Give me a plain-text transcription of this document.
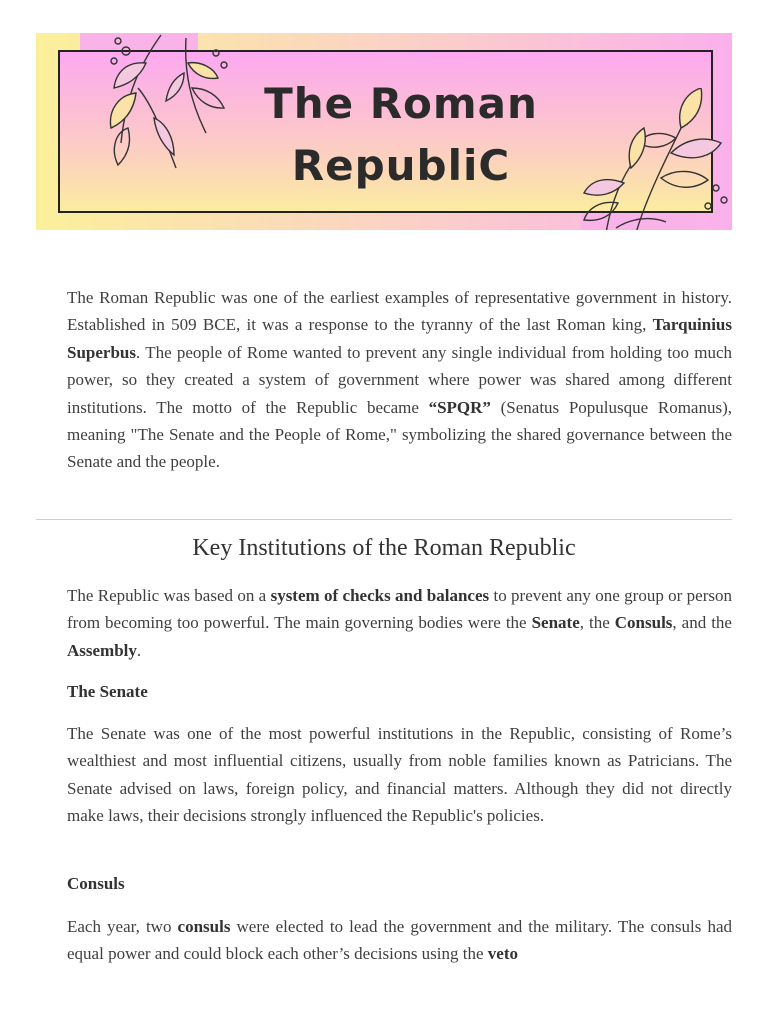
The Roman
RepubliC

The Roman Republic was one of the earliest examples of representative government in history. Established in 509 BCE, it was a response to the tyranny of the last Roman king, Tarquinius Superbus. The people of Rome wanted to prevent any single individual from holding too much power, so they created a system of government where power was shared among different institutions. The motto of the Republic became “SPQR” (Senatus Populusque Romanus), meaning "The Senate and the People of Rome," symbolizing the shared governance between the Senate and the people.

Key Institutions of the Roman Republic

The Republic was based on a system of checks and balances to prevent any one group or person from becoming too powerful. The main governing bodies were the Senate, the Consuls, and the Assembly.

The Senate

The Senate was one of the most powerful institutions in the Republic, consisting of Rome’s wealthiest and most influential citizens, usually from noble families known as Patricians. The Senate advised on laws, foreign policy, and financial matters. Although they did not directly make laws, their decisions strongly influenced the Republic's policies.

Consuls

Each year, two consuls were elected to lead the government and the military. The consuls had equal power and could block each other’s decisions using the veto
